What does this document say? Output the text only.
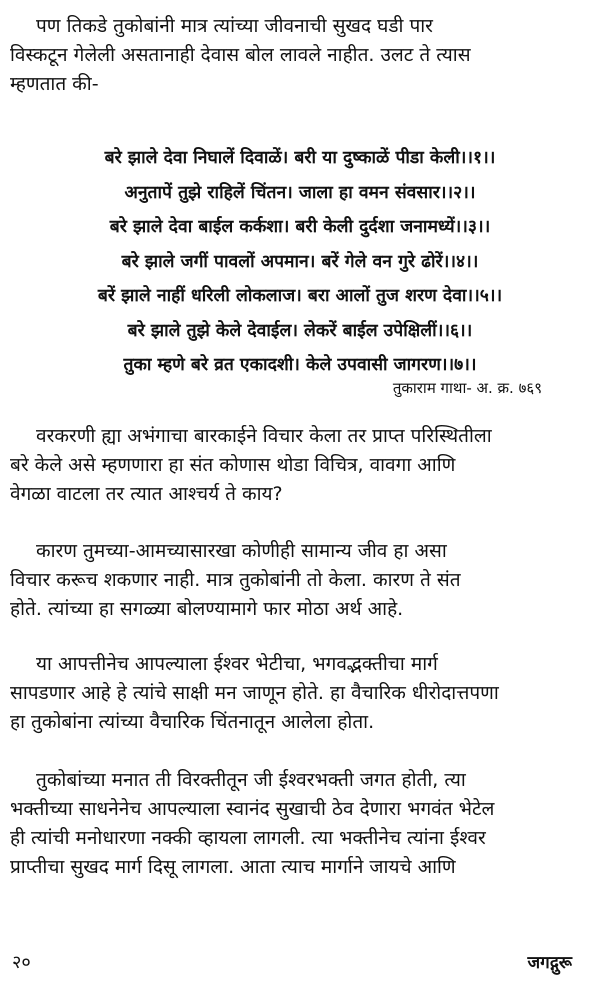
पण तिकडे तुकोबांनी मात्र त्यांच्या जीवनाची सुखद घडी पार
विस्कटून गेलेली असतानाही देवास बोल लावले नाहीत. उलट ते त्यास
म्हणतात की-

बरे झाले देवा निघालें दिवाळें। बरी या दुष्काळें पीडा केली।।१।।
अनुतापें तुझे राहिलें चिंतन। जाला हा वमन संवसार।।२।।
बरे झाले देवा बाईल कर्कशा। बरी केली दुर्दशा जनामध्यें।।३।।
बरे झाले जगीं पावलों अपमान। बरें गेले वन गुरे ढोरें।।४।।
बरें झाले नाहीं धरिली लोकलाज। बरा आलों तुज शरण देवा।।५।।
बरे झाले तुझे केले देवाईल। लेकरें बाईल उपेक्षिलीं।।६।।
तुका म्हणे बरे व्रत एकादशी। केले उपवासी जागरण।।७।।
तुकाराम गाथा- अ. क्र. ७६९

वरकरणी ह्या अभंगाचा बारकाईने विचार केला तर प्राप्त परिस्थितीला
बरे केले असे म्हणणारा हा संत कोणास थोडा विचित्र, वावगा आणि
वेगळा वाटला तर त्यात आश्चर्य ते काय?

कारण तुमच्या-आमच्यासारखा कोणीही सामान्य जीव हा असा
विचार करूच शकणार नाही. मात्र तुकोबांनी तो केला. कारण ते संत
होते. त्यांच्या हा सगळ्या बोलण्यामागे फार मोठा अर्थ आहे.

या आपत्तीनेच आपल्याला ईश्वर भेटीचा, भगवद्भक्तीचा मार्ग
सापडणार आहे हे त्यांचे साक्षी मन जाणून होते. हा वैचारिक धीरोदात्तपणा
हा तुकोबांना त्यांच्या वैचारिक चिंतनातून आलेला होता.

तुकोबांच्या मनात ती विरक्तीतून जी ईश्वरभक्ती जगत होती, त्या
भक्तीच्या साधनेनेच आपल्याला स्वानंद सुखाची ठेव देणारा भगवंत भेटेल
ही त्यांची मनोधारणा नक्की व्हायला लागली. त्या भक्तीनेच त्यांना ईश्वर
प्राप्तीचा सुखद मार्ग दिसू लागला. आता त्याच मार्गाने जायचे आणि

२०	जगद्गुरू
